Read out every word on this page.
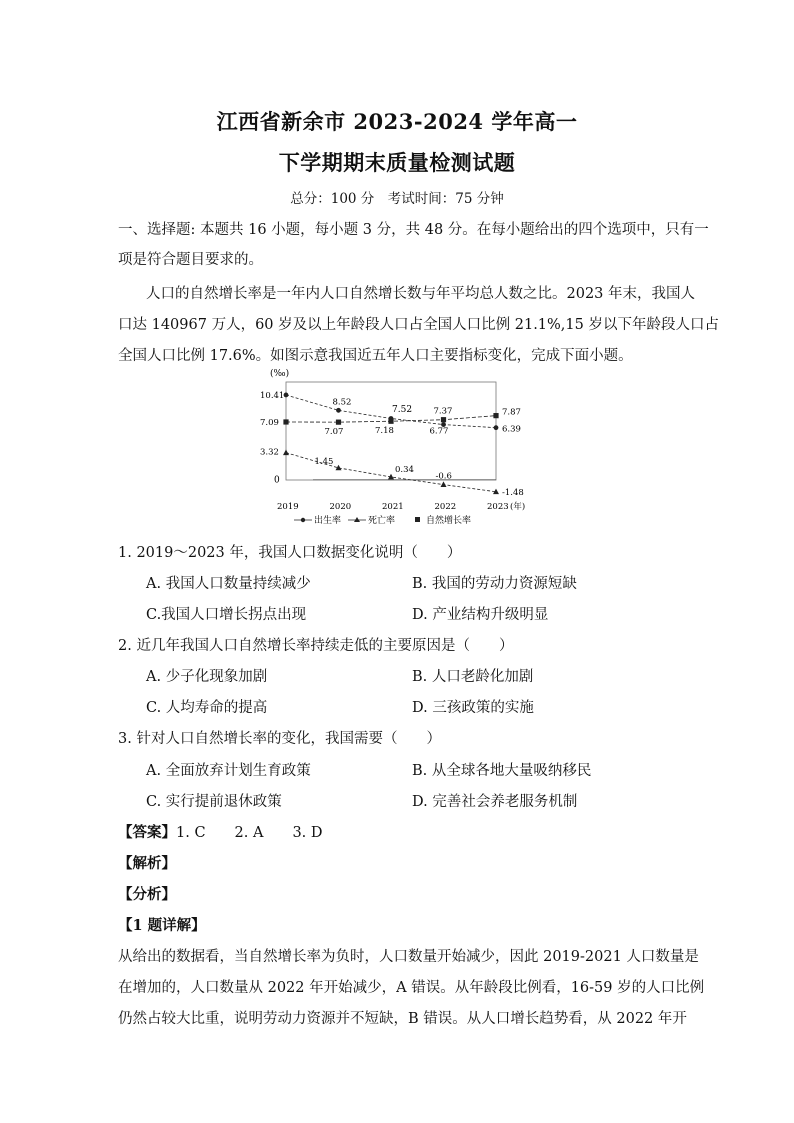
江西省新余市 2023-2024 学年高一
下学期期末质量检测试题
总分：100 分　考试时间：75 分钟
一、选择题: 本题共 16 小题，每小题 3 分，共 48 分。在每小题给出的四个选项中，只有一
项是符合题目要求的。
人口的自然增长率是一年内人口自然增长数与年平均总人数之比。2023 年末，我国人
口达 140967 万人，60 岁及以上年龄段人口占全国人口比例 21.1%,15 岁以下年龄段人口占
全国人口比例 17.6%。如图示意我国近五年人口主要指标变化，完成下面小题。
(‰)
2019	2020	2021	2022	2023 (年)
10.41
8.52
6.77	6.39
7.09
7.07	7.18
7.37	7.87
3.32
1.45
0.34
-0.6
-1.48
7.52
0
出生率	死亡率	自然增长率
1. 2019～2023 年，我国人口数据变化说明（　　）
A. 我国人口数量持续减少	B. 我国的劳动力资源短缺
C.我国人口增长拐点出现	D. 产业结构升级明显
2. 近几年我国人口自然增长率持续走低的主要原因是（　　）
A. 少子化现象加剧	B. 人口老龄化加剧
C. 人均寿命的提高	D. 三孩政策的实施
3. 针对人口自然增长率的变化，我国需要（　　）
A. 全面放弃计划生育政策	B. 从全球各地大量吸纳移民
C. 实行提前退休政策	D. 完善社会养老服务机制
【答案】1. C　　2. A　　3. D
【解析】
【分析】
【1 题详解】
从给出的数据看，当自然增长率为负时，人口数量开始减少，因此 2019-2021 人口数量是
在增加的，人口数量从 2022 年开始减少，A 错误。从年龄段比例看，16-59 岁的人口比例
仍然占较大比重，说明劳动力资源并不短缺，B 错误。从人口增长趋势看，从 2022 年开
